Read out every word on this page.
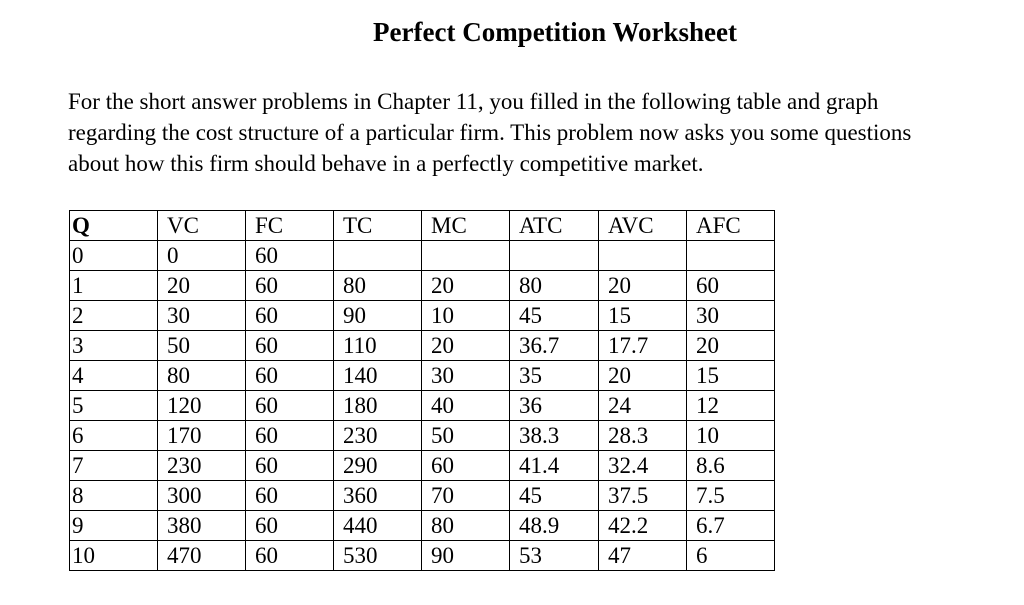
Perfect Competition Worksheet

For the short answer problems in Chapter 11, you filled in the following table and graph
regarding the cost structure of a particular firm. This problem now asks you some questions
about how this firm should behave in a perfectly competitive market.

Q	VC	FC	TC	MC	ATC	AVC	AFC
0	0	60					
1	20	60	80	20	80	20	60
2	30	60	90	10	45	15	30
3	50	60	110	20	36.7	17.7	20
4	80	60	140	30	35	20	15
5	120	60	180	40	36	24	12
6	170	60	230	50	38.3	28.3	10
7	230	60	290	60	41.4	32.4	8.6
8	300	60	360	70	45	37.5	7.5
9	380	60	440	80	48.9	42.2	6.7
10	470	60	530	90	53	47	6
